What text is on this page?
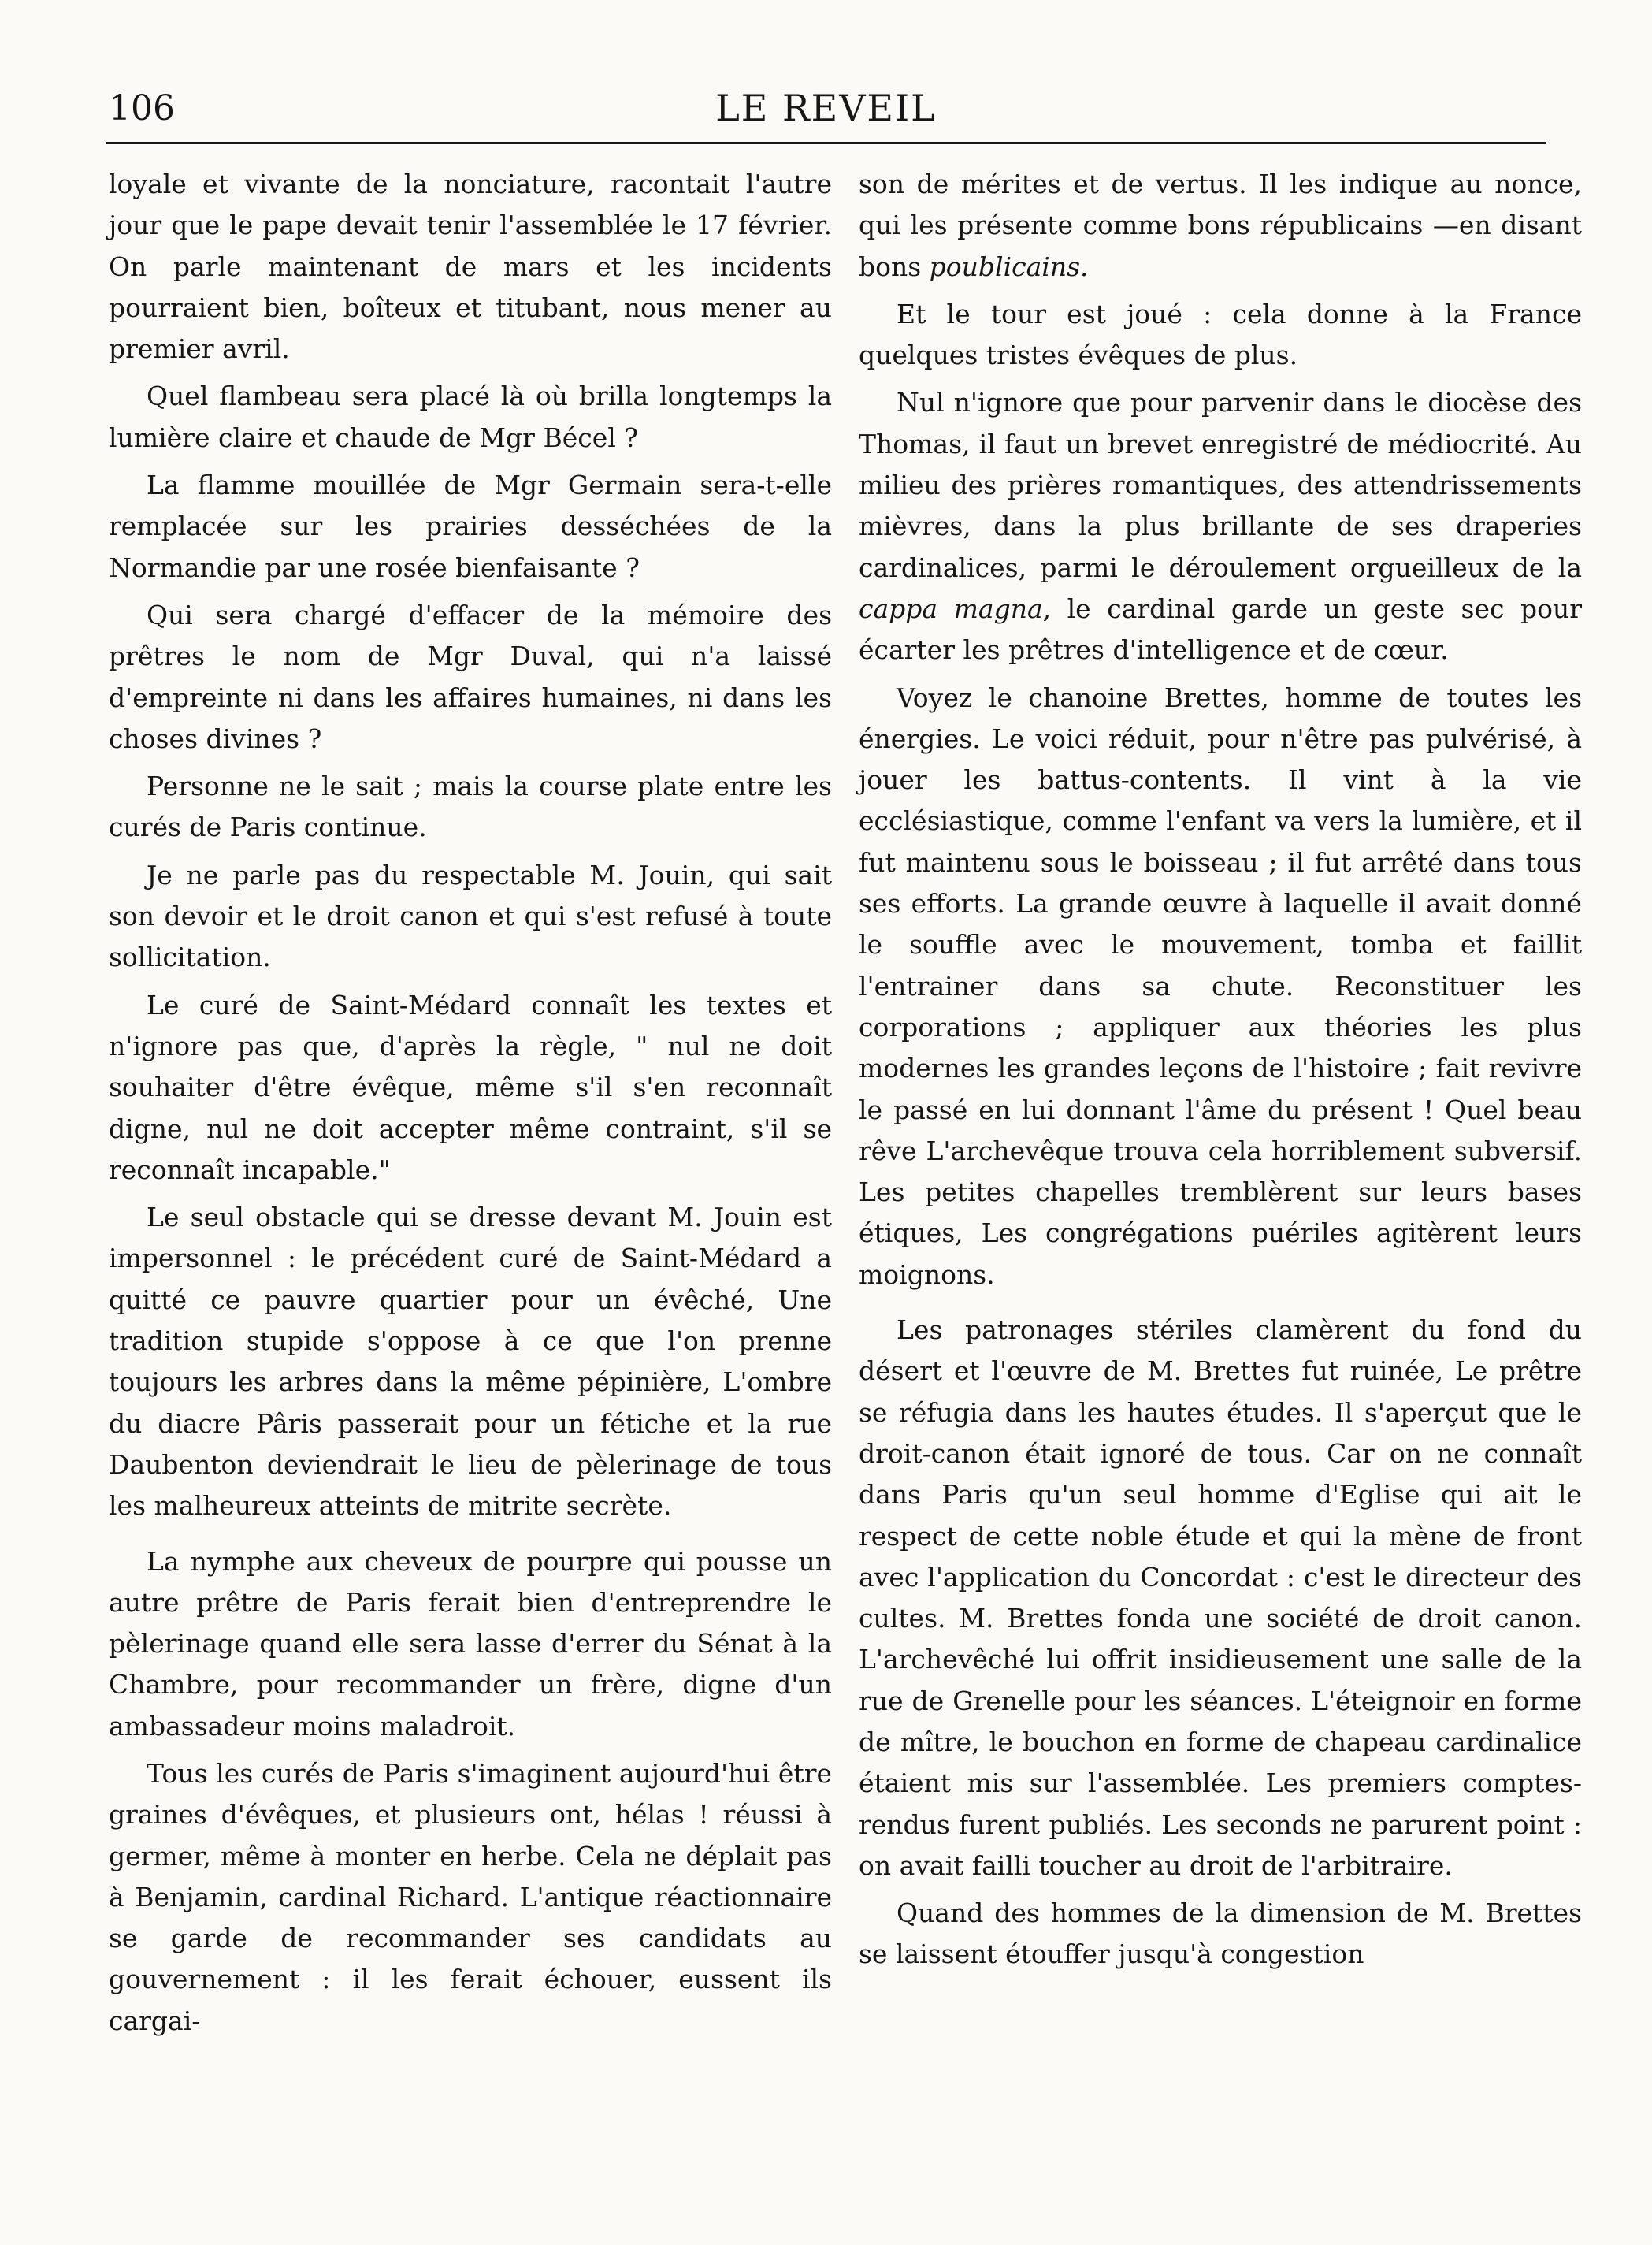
106	LE REVEIL

loyale et vivante de la nonciature, racontait l'autre jour que le pape devait tenir l'assemblée le 17 février. On parle maintenant de mars et les incidents pourraient bien, boîteux et titubant, nous mener au premier avril.

Quel flambeau sera placé là où brilla longtemps la lumière claire et chaude de Mgr Bécel ?

La flamme mouillée de Mgr Germain sera-t-elle remplacée sur les prairies desséchées de la Normandie par une rosée bienfaisante ?

Qui sera chargé d'effacer de la mémoire des prêtres le nom de Mgr Duval, qui n'a laissé d'empreinte ni dans les affaires humaines, ni dans les choses divines ?

Personne ne le sait ; mais la course plate entre les curés de Paris continue.

Je ne parle pas du respectable M. Jouin, qui sait son devoir et le droit canon et qui s'est refusé à toute sollicitation.

Le curé de Saint-Médard connaît les textes et n'ignore pas que, d'après la règle, " nul ne doit souhaiter d'être évêque, même s'il s'en reconnaît digne, nul ne doit accepter même contraint, s'il se reconnaît incapable."

Le seul obstacle qui se dresse devant M. Jouin est impersonnel : le précédent curé de Saint-Médard a quitté ce pauvre quartier pour un évêché, Une tradition stupide s'oppose à ce que l'on prenne toujours les arbres dans la même pépinière, L'ombre du diacre Pâris passerait pour un fétiche et la rue Daubenton deviendrait le lieu de pèlerinage de tous les malheureux atteints de mitrite secrète.

La nymphe aux cheveux de pourpre qui pousse un autre prêtre de Paris ferait bien d'entreprendre le pèlerinage quand elle sera lasse d'errer du Sénat à la Chambre, pour recommander un frère, digne d'un ambassadeur moins maladroit.

Tous les curés de Paris s'imaginent aujourd'hui être graines d'évêques, et plusieurs ont, hélas ! réussi à germer, même à monter en herbe. Cela ne déplait pas à Benjamin, cardinal Richard. L'antique réactionnaire se garde de recommander ses candidats au gouvernement : il les ferait échouer, eussent ils cargai-

son de mérites et de vertus. Il les indique au nonce, qui les présente comme bons républicains —en disant bons poublicains.

Et le tour est joué : cela donne à la France quelques tristes évêques de plus.

Nul n'ignore que pour parvenir dans le diocèse des Thomas, il faut un brevet enregistré de médiocrité. Au milieu des prières romantiques, des attendrissements mièvres, dans la plus brillante de ses draperies cardinalices, parmi le déroulement orgueilleux de la cappa magna, le cardinal garde un geste sec pour écarter les prêtres d'intelligence et de cœur.

Voyez le chanoine Brettes, homme de toutes les énergies. Le voici réduit, pour n'être pas pulvérisé, à jouer les battus-contents. Il vint à la vie ecclésiastique, comme l'enfant va vers la lumière, et il fut maintenu sous le boisseau ; il fut arrêté dans tous ses efforts. La grande œuvre à laquelle il avait donné le souffle avec le mouvement, tomba et faillit l'entrainer dans sa chute. Reconstituer les corporations ; appliquer aux théories les plus modernes les grandes leçons de l'histoire ; fait revivre le passé en lui donnant l'âme du présent ! Quel beau rêve L'archevêque trouva cela horriblement subversif. Les petites chapelles tremblèrent sur leurs bases étiques, Les congrégations puériles agitèrent leurs moignons.

Les patronages stériles clamèrent du fond du désert et l'œuvre de M. Brettes fut ruinée, Le prêtre se réfugia dans les hautes études. Il s'aperçut que le droit-canon était ignoré de tous. Car on ne connaît dans Paris qu'un seul homme d'Eglise qui ait le respect de cette noble étude et qui la mène de front avec l'application du Concordat : c'est le directeur des cultes. M. Brettes fonda une société de droit canon. L'archevêché lui offrit insidieusement une salle de la rue de Grenelle pour les séances. L'éteignoir en forme de mître, le bouchon en forme de chapeau cardinalice étaient mis sur l'assemblée. Les premiers comptes-rendus furent publiés. Les seconds ne parurent point : on avait failli toucher au droit de l'arbitraire.

Quand des hommes de la dimension de M. Brettes se laissent étouffer jusqu'à congestion
